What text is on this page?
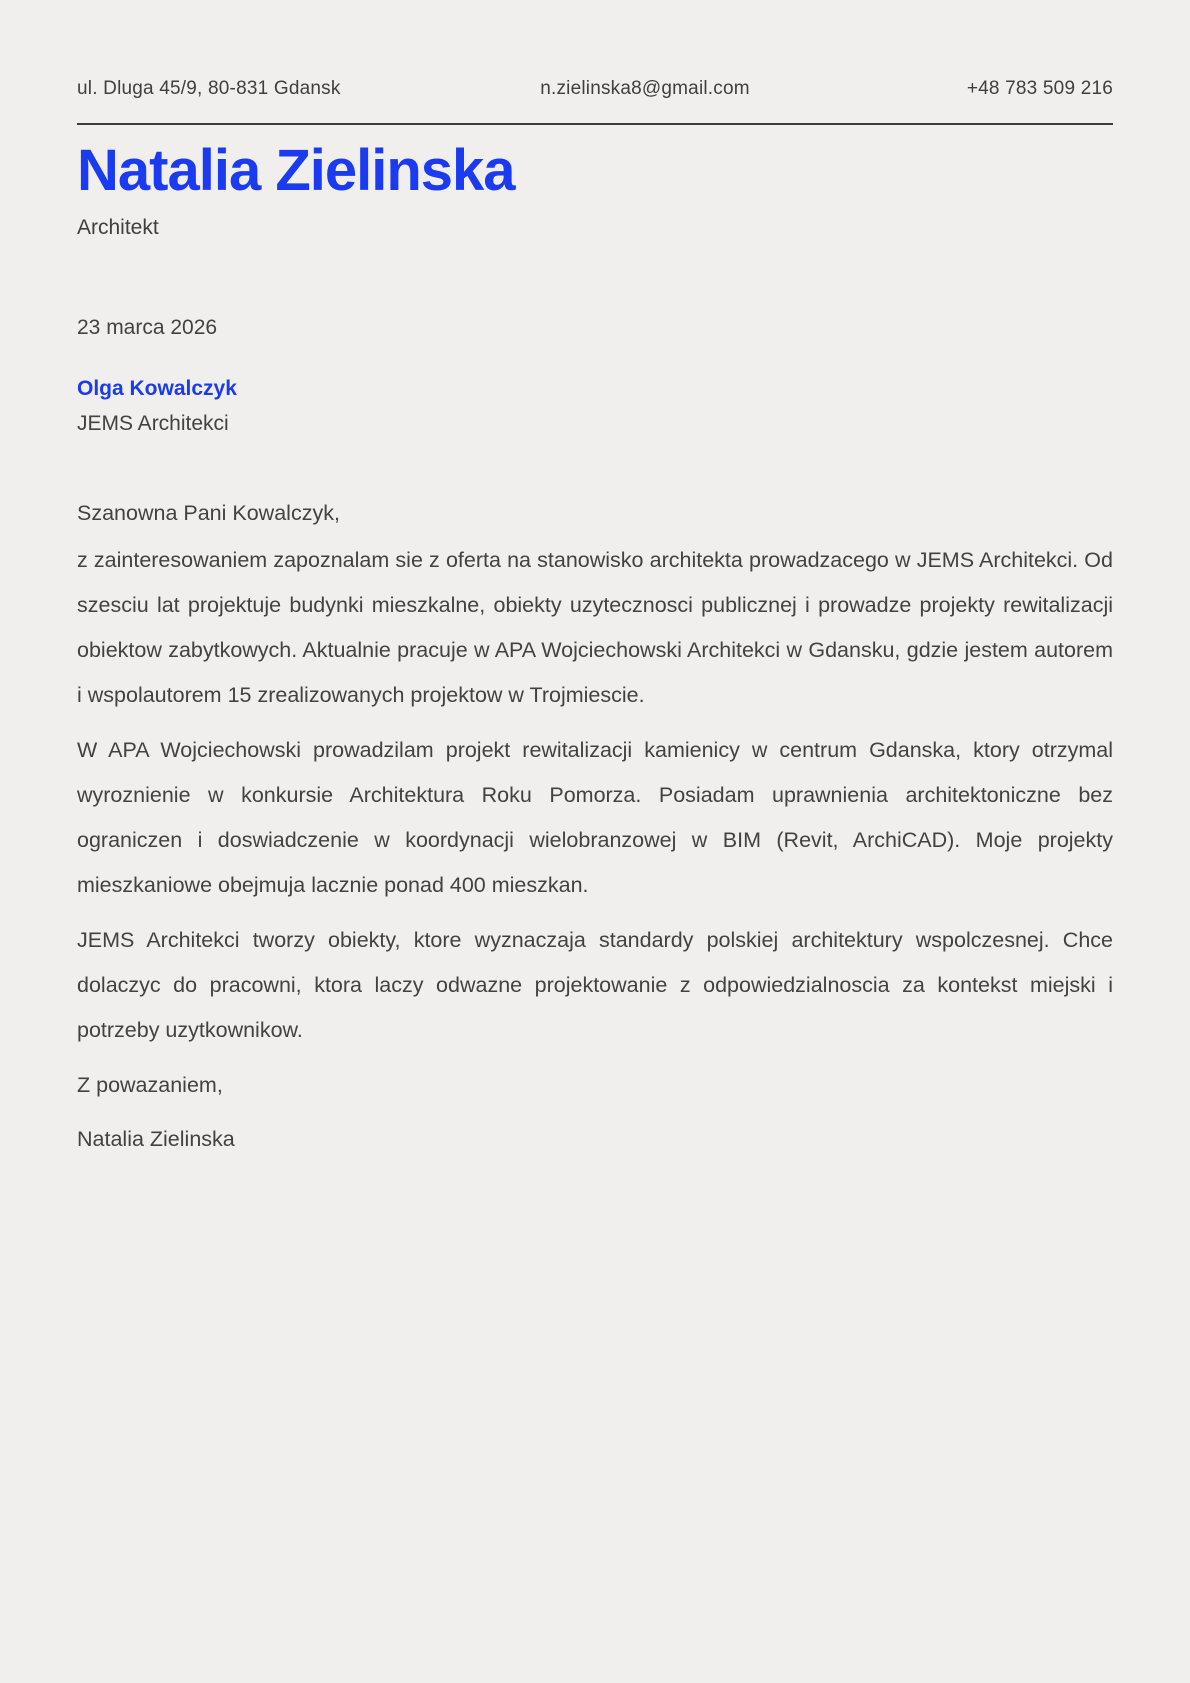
ul. Dluga 45/9, 80-831 Gdansk	n.zielinska8@gmail.com	+48 783 509 216
Natalia Zielinska
Architekt
23 marca 2026
Olga Kowalczyk
JEMS Architekci

Szanowna Pani Kowalczyk,

z zainteresowaniem zapoznalam sie z oferta na stanowisko architekta prowadzacego w JEMS Architekci. Od szesciu lat projektuje budynki mieszkalne, obiekty uzytecznosci publicznej i prowadze projekty rewitalizacji obiektow zabytkowych. Aktualnie pracuje w APA Wojciechowski Architekci w Gdansku, gdzie jestem autorem i wspolautorem 15 zrealizowanych projektow w Trojmiescie.

W APA Wojciechowski prowadzilam projekt rewitalizacji kamienicy w centrum Gdanska, ktory otrzymal wyroznienie w konkursie Architektura Roku Pomorza. Posiadam uprawnienia architektoniczne bez ograniczen i doswiadczenie w koordynacji wielobranzowej w BIM (Revit, ArchiCAD). Moje projekty mieszkaniowe obejmuja lacznie ponad 400 mieszkan.

JEMS Architekci tworzy obiekty, ktore wyznaczaja standardy polskiej architektury wspolczesnej. Chce dolaczyc do pracowni, ktora laczy odwazne projektowanie z odpowiedzialnoscia za kontekst miejski i potrzeby uzytkownikow.

Z powazaniem,

Natalia Zielinska
